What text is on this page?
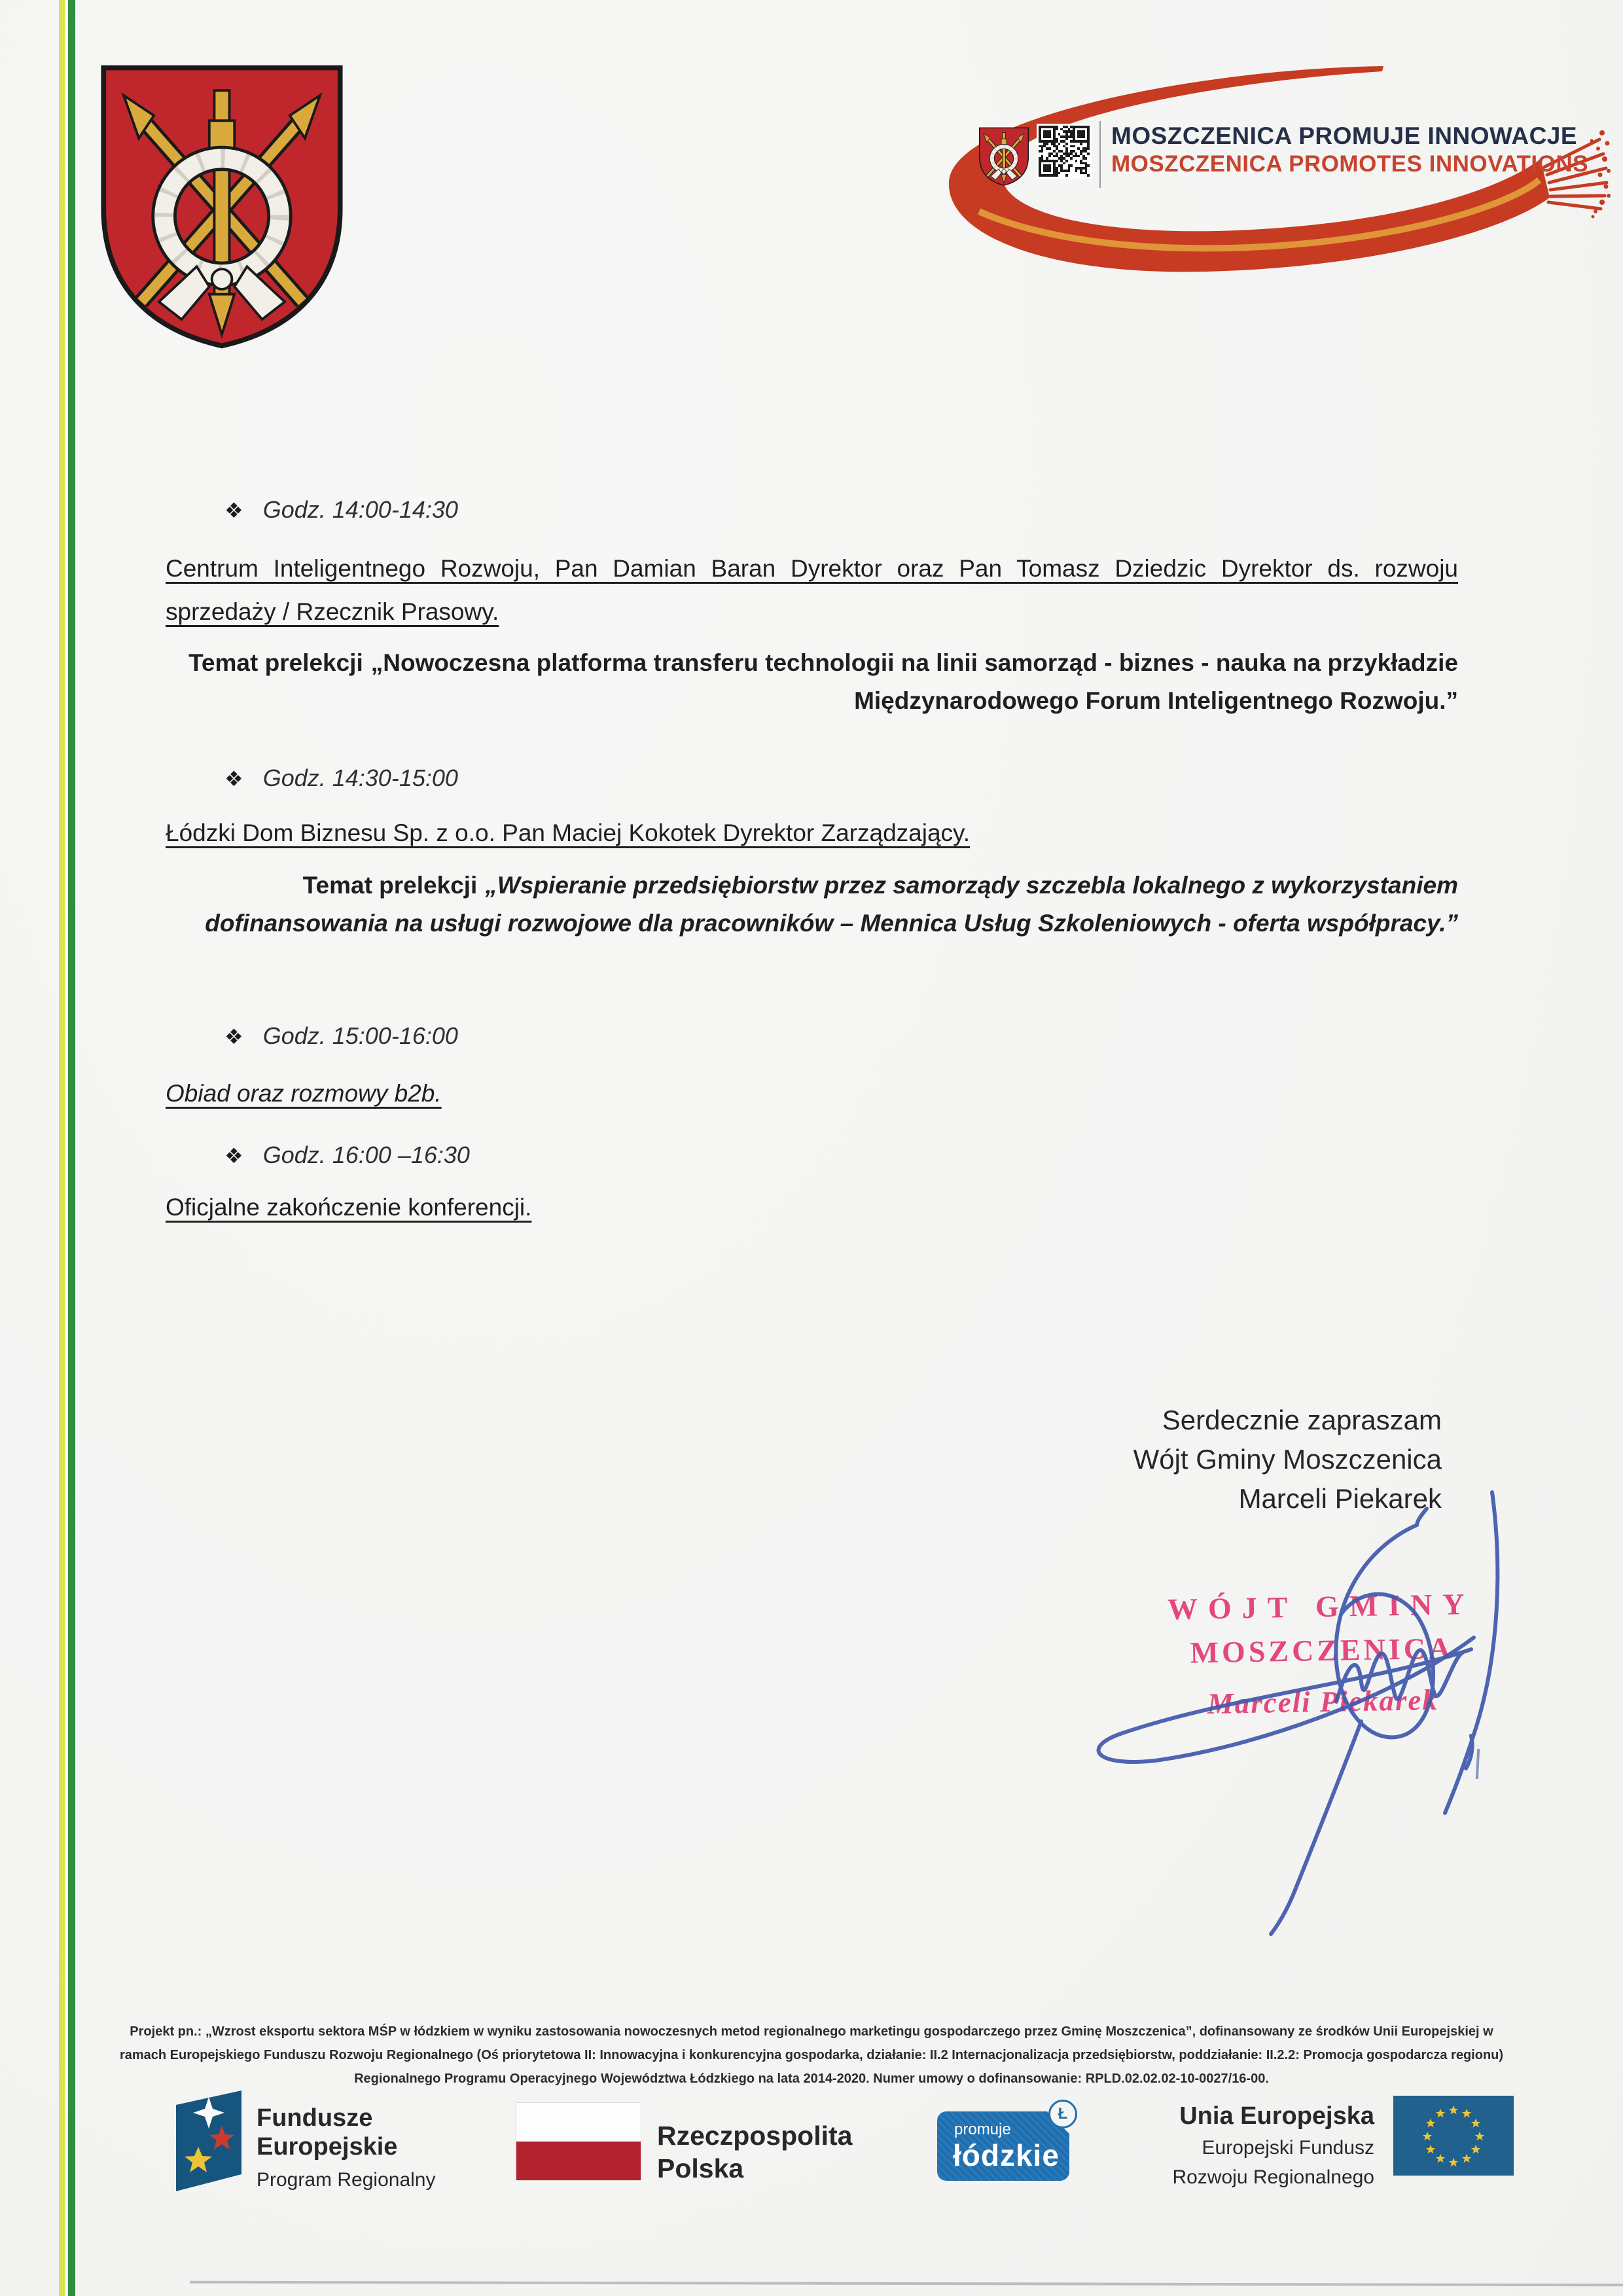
MOSZCZENICA PROMUJE INNOWACJE
MOSZCZENICA PROMOTES INNOVATIONS
❖ Godz. 14:00-14:30
Centrum Inteligentnego Rozwoju, Pan Damian Baran Dyrektor oraz Pan Tomasz Dziedzic Dyrektor ds. rozwoju sprzedaży / Rzecznik Prasowy.
Temat prelekcji „Nowoczesna platforma transferu technologii na linii samorząd - biznes - nauka na przykładzie Międzynarodowego Forum Inteligentnego Rozwoju.”
❖ Godz. 14:30-15:00
Łódzki Dom Biznesu Sp. z o.o. Pan Maciej Kokotek Dyrektor Zarządzający.
Temat prelekcji „Wspieranie przedsiębiorstw przez samorządy szczebla lokalnego z wykorzystaniem dofinansowania na usługi rozwojowe dla pracowników – Mennica Usług Szkoleniowych - oferta współpracy.”
❖ Godz. 15:00-16:00
Obiad oraz rozmowy b2b.
❖ Godz. 16:00 –16:30
Oficjalne zakończenie konferencji.
Serdecznie zapraszam
Wójt Gminy Moszczenica
Marceli Piekarek
WÓJT GMINY
MOSZCZENICA
Marceli Piekarek
Projekt pn.: „Wzrost eksportu sektora MŚP w łódzkiem w wyniku zastosowania nowoczesnych metod regionalnego marketingu gospodarczego przez Gminę Moszczenica”, dofinansowany ze środków Unii Europejskiej w
ramach Europejskiego Funduszu Rozwoju Regionalnego (Oś priorytetowa II: Innowacyjna i konkurencyjna gospodarka, działanie: II.2 Internacjonalizacja przedsiębiorstw, poddziałanie: II.2.2: Promocja gospodarcza regionu)
Regionalnego Programu Operacyjnego Województwa Łódzkiego na lata 2014-2020. Numer umowy o dofinansowanie: RPLD.02.02.02-10-0027/16-00.
Fundusze
Europejskie
Program Regionalny
Rzeczpospolita
Polska
promuje
łódzkie
Ł	Unia Europejska
Europejski Fundusz
Rozwoju Regionalnego
